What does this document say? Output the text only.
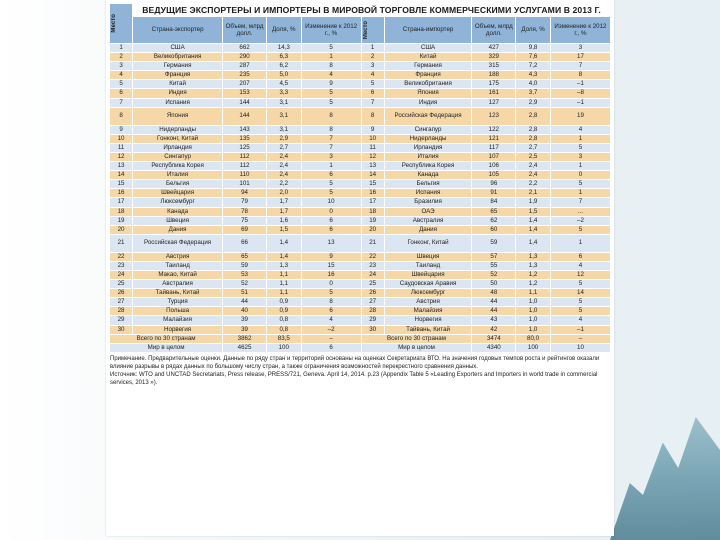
Место	ВЕДУЩИЕ ЭКСПОРТЕРЫ И ИМПОРТЕРЫ В МИРОВОЙ ТОРГОВЛЕ КОММЕРЧЕСКИМИ УСЛУГАМИ В 2013 Г.								
	Страна-экспортер	Объем, млрд долл.	Доля, %	Изменение к 2012 г., %	Место	Страна-импортер	Объем, млрд долл.	Доля, %	Изменение к 2012 г., %
1	США	662	14,3	5	1	США	427	9,8	3
2	Великобритания	290	6,3	1	2	Китай	329	7,6	17
3	Германия	287	6,2	8	3	Германия	315	7,2	7
4	Франция	235	5,0	4	4	Франция	188	4,3	8
5	Китай	207	4,5	9	5	Великобритания	175	4,0	–1
6	Индия	153	3,3	5	6	Япония	161	3,7	–8
7	Испания	144	3,1	5	7	Индия	127	2,9	–1
8	Япония	144	3,1	8	8	Российская Федерация	123	2,8	19
9	Нидерланды	143	3,1	8	9	Сингапур	122	2,8	4
10	Гонконг, Китай	135	2,9	7	10	Нидерланды	121	2,8	1
11	Ирландия	125	2,7	7	11	Ирландия	117	2,7	5
12	Сингапур	112	2,4	3	12	Италия	107	2,5	3
13	Республика Корея	112	2,4	1	13	Республика Корея	106	2,4	1
14	Италия	110	2,4	6	14	Канада	105	2,4	0
15	Бельгия	101	2,2	5	15	Бельгия	96	2,2	5
16	Швейцария	94	2,0	5	16	Испания	91	2,1	1
17	Люксембург	79	1,7	10	17	Бразилия	84	1,9	7
18	Канада	78	1,7	0	18	ОАЭ	65	1,5	...
19	Швеция	75	1,6	6	19	Австралия	62	1,4	–2
20	Дания	69	1,5	6	20	Дания	60	1,4	5
21	Российская Федерация	66	1,4	13	21	Гонконг, Китай	59	1,4	1
22	Австрия	65	1,4	9	22	Швеция	57	1,3	6
23	Таиланд	59	1,3	15	23	Таиланд	55	1,3	4
24	Макао, Китай	53	1,1	16	24	Швейцария	52	1,2	12
25	Австралия	52	1,1	0	25	Саудовская Аравия	50	1,2	5
26	Тайвань, Китай	51	1,1	5	26	Люксембург	48	1,1	14
27	Турция	44	0,9	8	27	Австрия	44	1,0	5
28	Польша	40	0,9	6	28	Малайзия	44	1,0	5
29	Малайзия	39	0,8	4	29	Норвегия	43	1,0	4
30	Норвегия	39	0,8	–2	30	Тайвань, Китай	42	1,0	–1
Всего по 30 странам		3862	83,5	–	Всего по 30 странам		3474	80,0	–
Мир в целом		4625	100	6	Мир в целом		4340	100	10
Примечание. Предварительные оценки. Данные по ряду стран и территорий основаны на оценках Секретариата ВТО. На значения годовых темпов роста и рейтингов оказали влияние разрывы в рядах данных по большому числу стран, а также ограничения возможностей перекрестного сравнения данных.
Источник: WTO and UNCTAD Secretariats, Press release, PRESS/721, Geneva. April 14, 2014. p.23 (Appendix Table 5 «Leading Exporters and Importers in world trade in commercial services, 2013 »).
